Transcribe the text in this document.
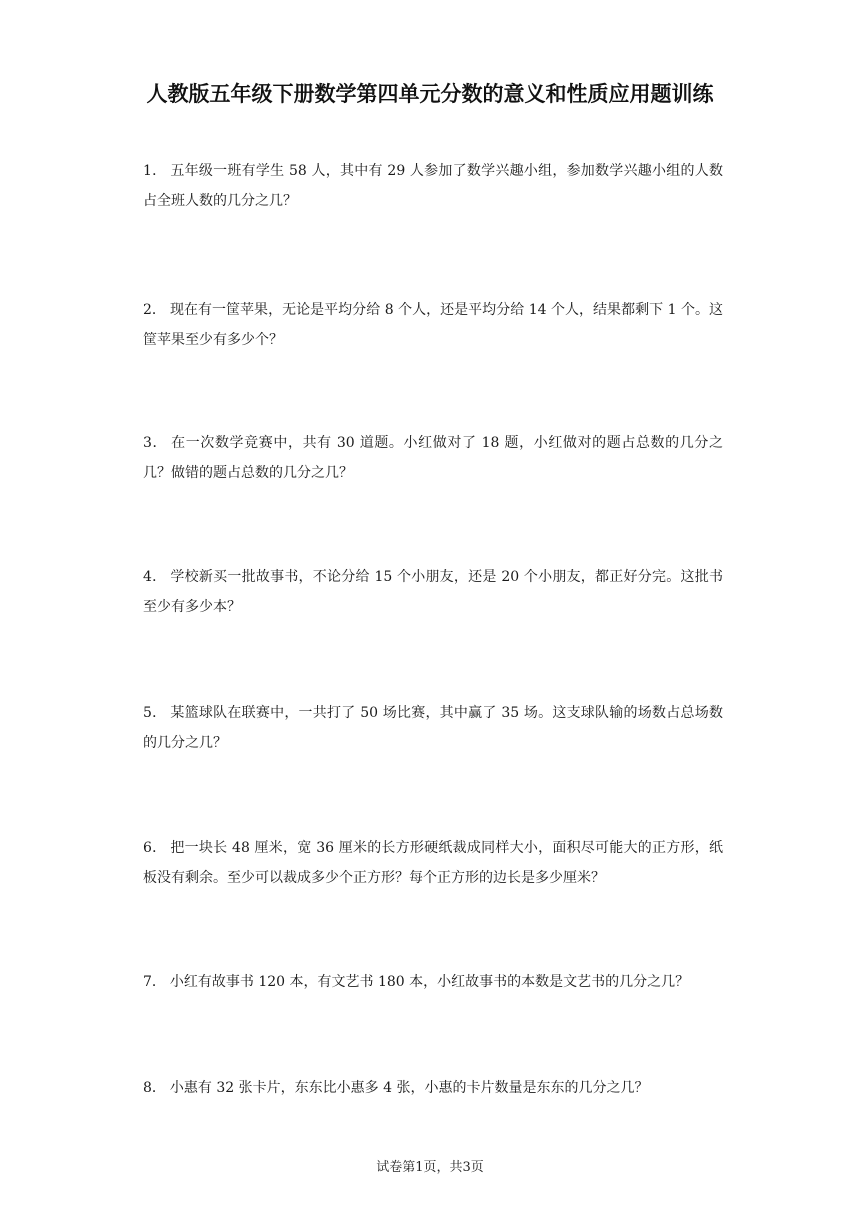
人教版五年级下册数学第四单元分数的意义和性质应用题训练

1． 五年级一班有学生 58 人，其中有 29 人参加了数学兴趣小组，参加数学兴趣小组的人数占全班人数的几分之几？

2． 现在有一筐苹果，无论是平均分给 8 个人，还是平均分给 14 个人，结果都剩下 1 个。这筐苹果至少有多少个？

3． 在一次数学竞赛中，共有 30 道题。小红做对了 18 题，小红做对的题占总数的几分之几？做错的题占总数的几分之几？

4． 学校新买一批故事书，不论分给 15 个小朋友，还是 20 个小朋友，都正好分完。这批书至少有多少本？

5． 某篮球队在联赛中，一共打了 50 场比赛，其中赢了 35 场。这支球队输的场数占总场数的几分之几？

6． 把一块长 48 厘米，宽 36 厘米的长方形硬纸裁成同样大小，面积尽可能大的正方形，纸板没有剩余。至少可以裁成多少个正方形？每个正方形的边长是多少厘米？

7． 小红有故事书 120 本，有文艺书 180 本，小红故事书的本数是文艺书的几分之几？

8． 小惠有 32 张卡片，东东比小惠多 4 张，小惠的卡片数量是东东的几分之几？

试卷第1页，共3页
